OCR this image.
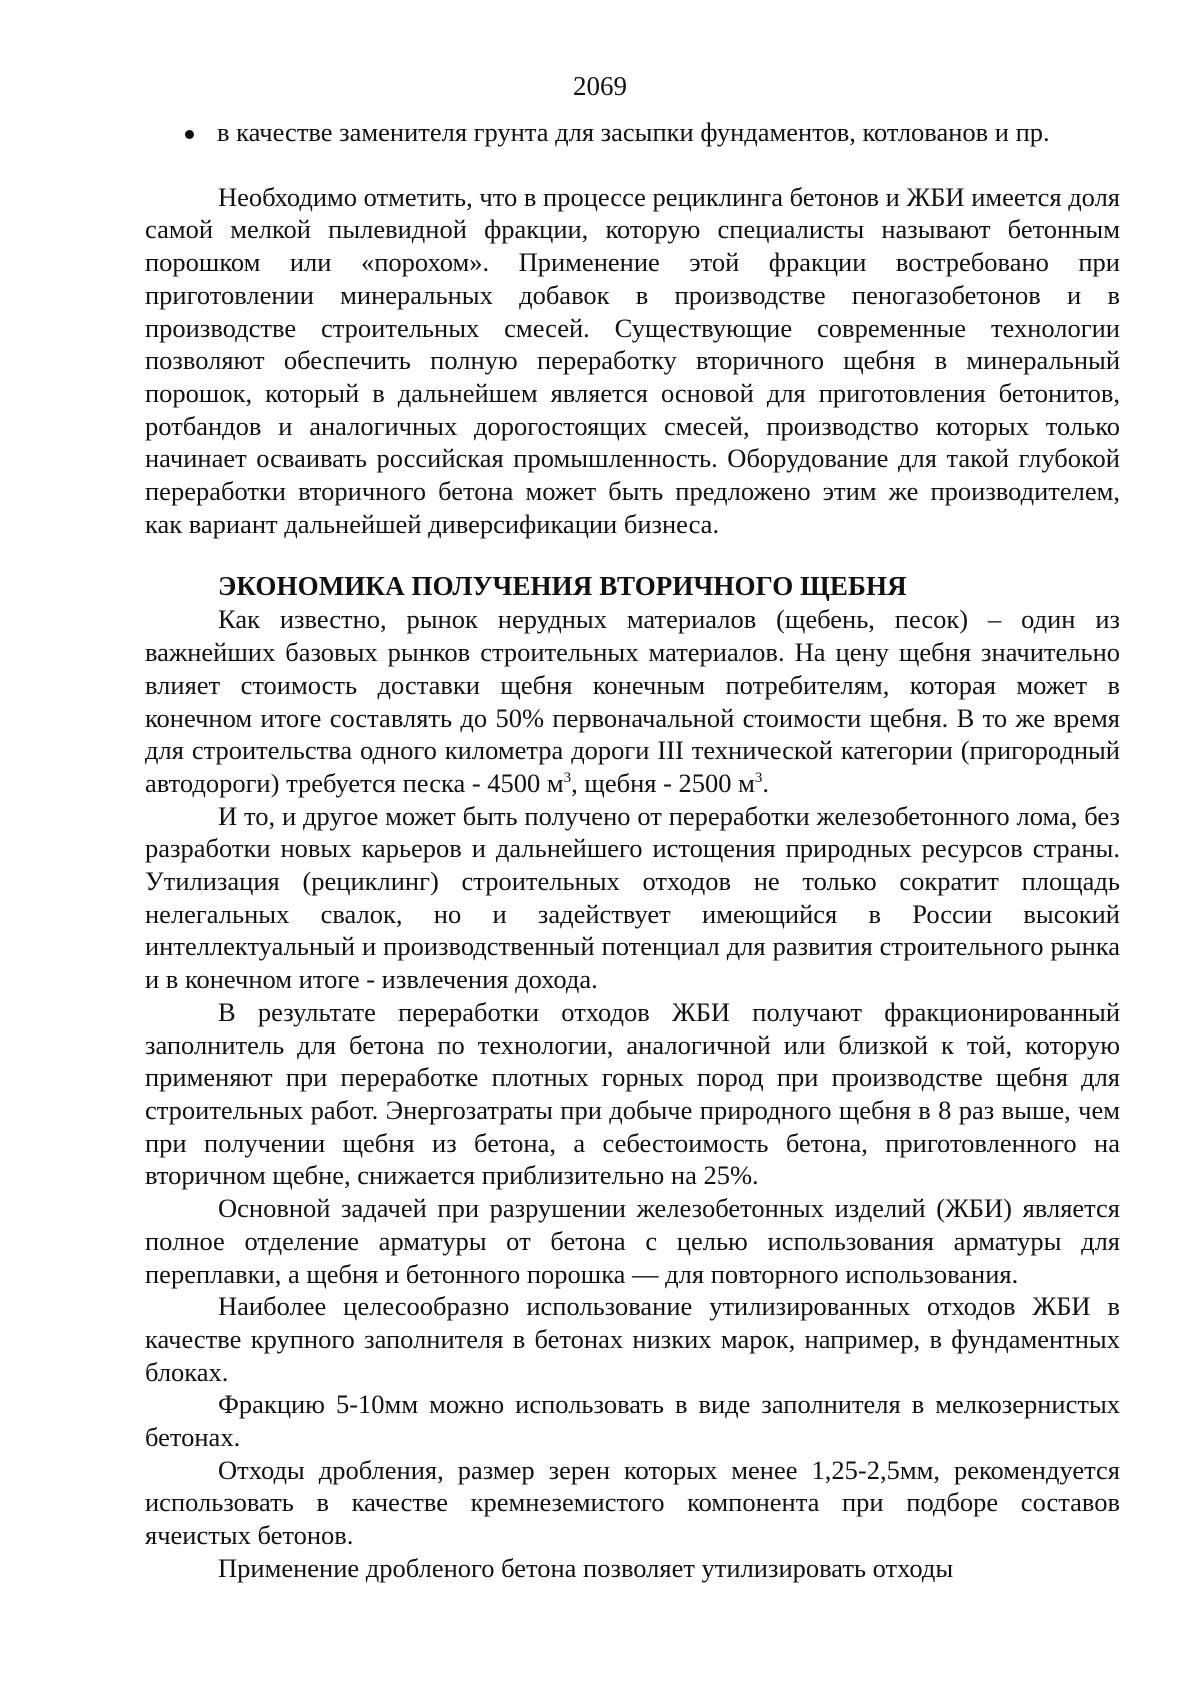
2069
в качестве заменителя грунта для засыпки фундаментов, котлованов и пр.

Необходимо отметить, что в процессе рециклинга бетонов и ЖБИ имеется доля самой мелкой пылевидной фракции, которую специалисты называют бетонным порошком или «порохом». Применение этой фракции востребовано при приготовлении минеральных добавок в производстве пеногазобетонов и в производстве строительных смесей. Существующие современные технологии позволяют обеспечить полную переработку вторичного щебня в минеральный порошок, который в дальнейшем является основой для приготовления бетонитов, ротбандов и аналогичных дорогостоящих смесей, производство которых только начинает осваивать российская промышленность. Оборудование для такой глубокой переработки вторичного бетона может быть предложено этим же производителем, как вариант дальнейшей диверсификации бизнеса.

ЭКОНОМИКА ПОЛУЧЕНИЯ ВТОРИЧНОГО ЩЕБНЯ

Как известно, рынок нерудных материалов (щебень, песок) – один из важнейших базовых рынков строительных материалов. На цену щебня значительно влияет стоимость доставки щебня конечным потребителям, которая может в конечном итоге составлять до 50% первоначальной стоимости щебня. В то же время для строительства одного километра дороги III технической категории (пригородный автодороги) требуется песка - 4500 $м^3$, щебня - 2500 $м^3$.

И то, и другое может быть получено от переработки железобетонного лома, без разработки новых карьеров и дальнейшего истощения природных ресурсов страны. Утилизация (рециклинг) строительных отходов не только сократит площадь нелегальных свалок, но и задействует имеющийся в России высокий интеллектуальный и производственный потенциал для развития строительного рынка и в конечном итоге - извлечения дохода.

В результате переработки отходов ЖБИ получают фракционированный заполнитель для бетона по технологии, аналогичной или близкой к той, которую применяют при переработке плотных горных пород при производстве щебня для строительных работ. Энергозатраты при добыче природного щебня в 8 раз выше, чем при получении щебня из бетона, а себестоимость бетона, приготовленного на вторичном щебне, снижается приблизительно на 25%.

Основной задачей при разрушении железобетонных изделий (ЖБИ) является полное отделение арматуры от бетона с целью использования арматуры для переплавки, а щебня и бетонного порошка — для повторного использования.

Наиболее целесообразно использование утилизированных отходов ЖБИ в качестве крупного заполнителя в бетонах низких марок, например, в фундаментных блоках.

Фракцию 5-10мм можно использовать в виде заполнителя в мелкозернистых бетонах.

Отходы дробления, размер зерен которых менее 1,25-2,5мм, рекомендуется использовать в качестве кремнеземистого компонента при подборе составов ячеистых бетонов.

Применение дробленого бетона позволяет утилизировать отходы
